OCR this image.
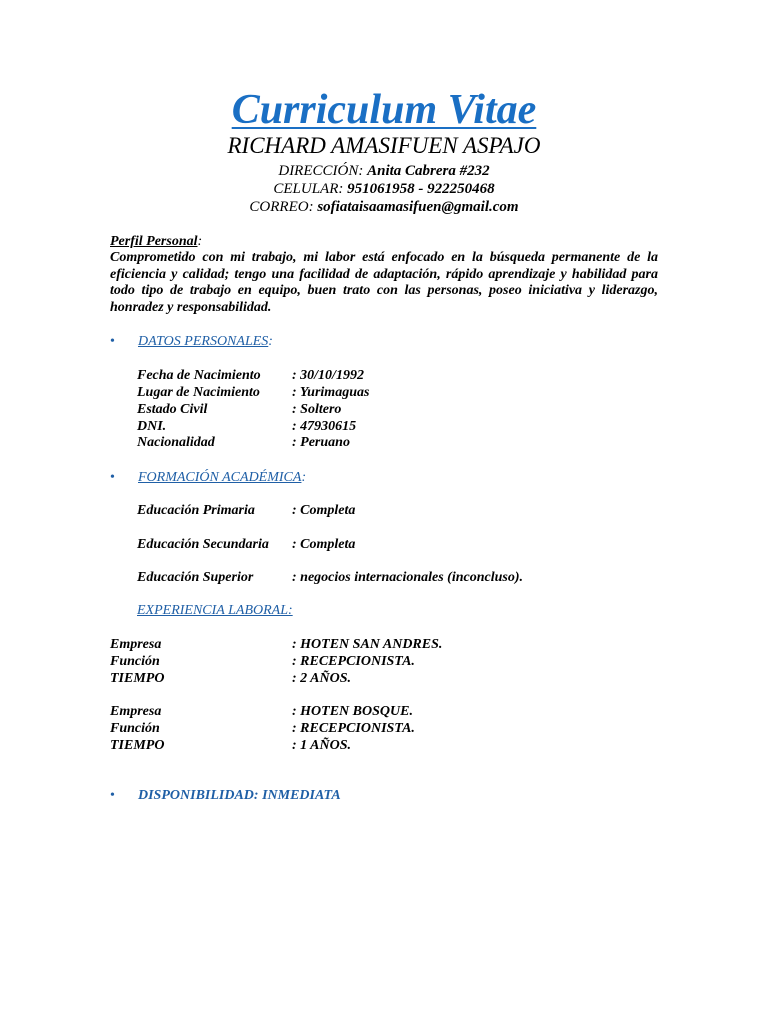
Curriculum Vitae
RICHARD AMASIFUEN ASPAJO
DIRECCIÓN: Anita Cabrera #232
CELULAR: 951061958 - 922250468
CORREO: sofiataisaamasifuen@gmail.com
Perfil Personal:
Comprometido con mi trabajo, mi labor está enfocado en la búsqueda permanente de la eficiencia y calidad; tengo una facilidad de adaptación, rápido aprendizaje y habilidad para todo tipo de trabajo en equipo, buen trato con las personas, poseo iniciativa y liderazgo, honradez y responsabilidad.
•	DATOS PERSONALES:
Fecha de Nacimiento	: 30/10/1992
Lugar de Nacimiento	: Yurimaguas
Estado Civil	: Soltero
DNI.	: 47930615
Nacionalidad	: Peruano
•	FORMACIÓN ACADÉMICA:
Educación Primaria	: Completa
Educación Secundaria	: Completa
Educación Superior	: negocios internacionales (inconcluso).
EXPERIENCIA LABORAL:
Empresa	: HOTEN SAN ANDRES.
Función	: RECEPCIONISTA.
TIEMPO	: 2 AÑOS.
Empresa	: HOTEN BOSQUE.
Función	: RECEPCIONISTA.
TIEMPO	: 1 AÑOS.
•	DISPONIBILIDAD: INMEDIATA
